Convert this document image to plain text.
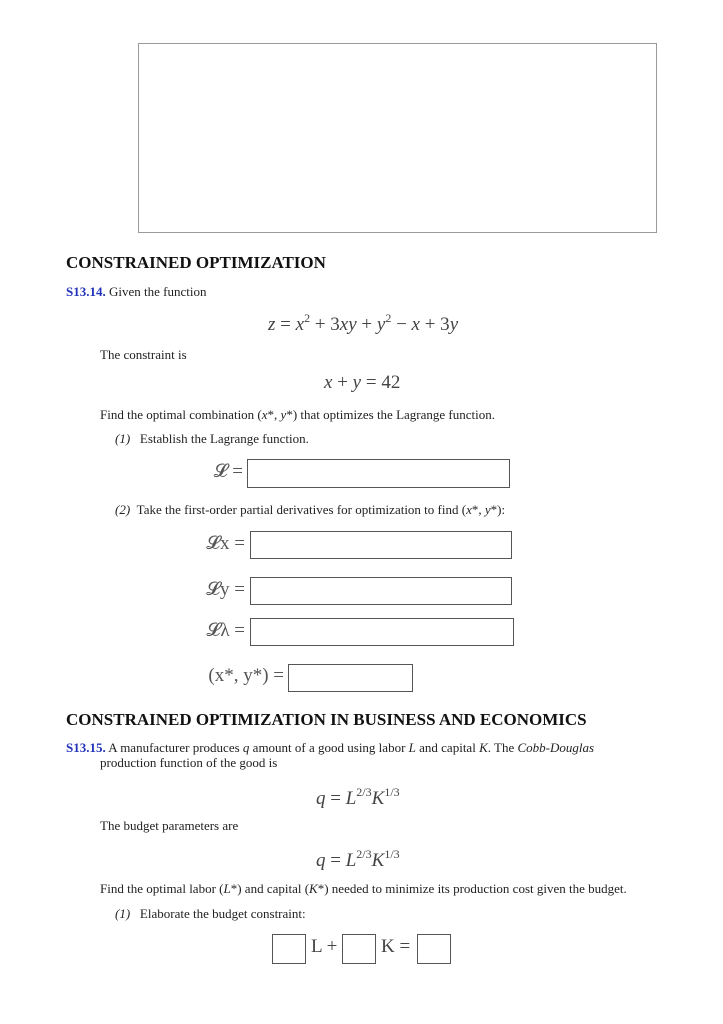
CONSTRAINED OPTIMIZATION
S13.14. Given the function
$z = x^2 + 3xy + y^2 - x + 3y$
The constraint is
x + y = 42
Find the optimal combination (x*, y*) that optimizes the Lagrange function.
(1) Establish the Lagrange function.
𝓛 =
(2)  Take the first-order partial derivatives for optimization to find (x*, y*):
𝓛x =
𝓛y =
𝓛λ =
(x*, y*) =
CONSTRAINED OPTIMIZATION IN BUSINESS AND ECONOMICS
S13.15. A manufacturer produces q amount of a good using labor L and capital K. The Cobb-Douglas
production function of the good is
$q = L^{2/3}K^{1/3}$
The budget parameters are
$q = L^{2/3}K^{1/3}$
Find the optimal labor (L*) and capital (K*) needed to minimize its production cost given the budget.
(1) Elaborate the budget constraint:
L + K =
